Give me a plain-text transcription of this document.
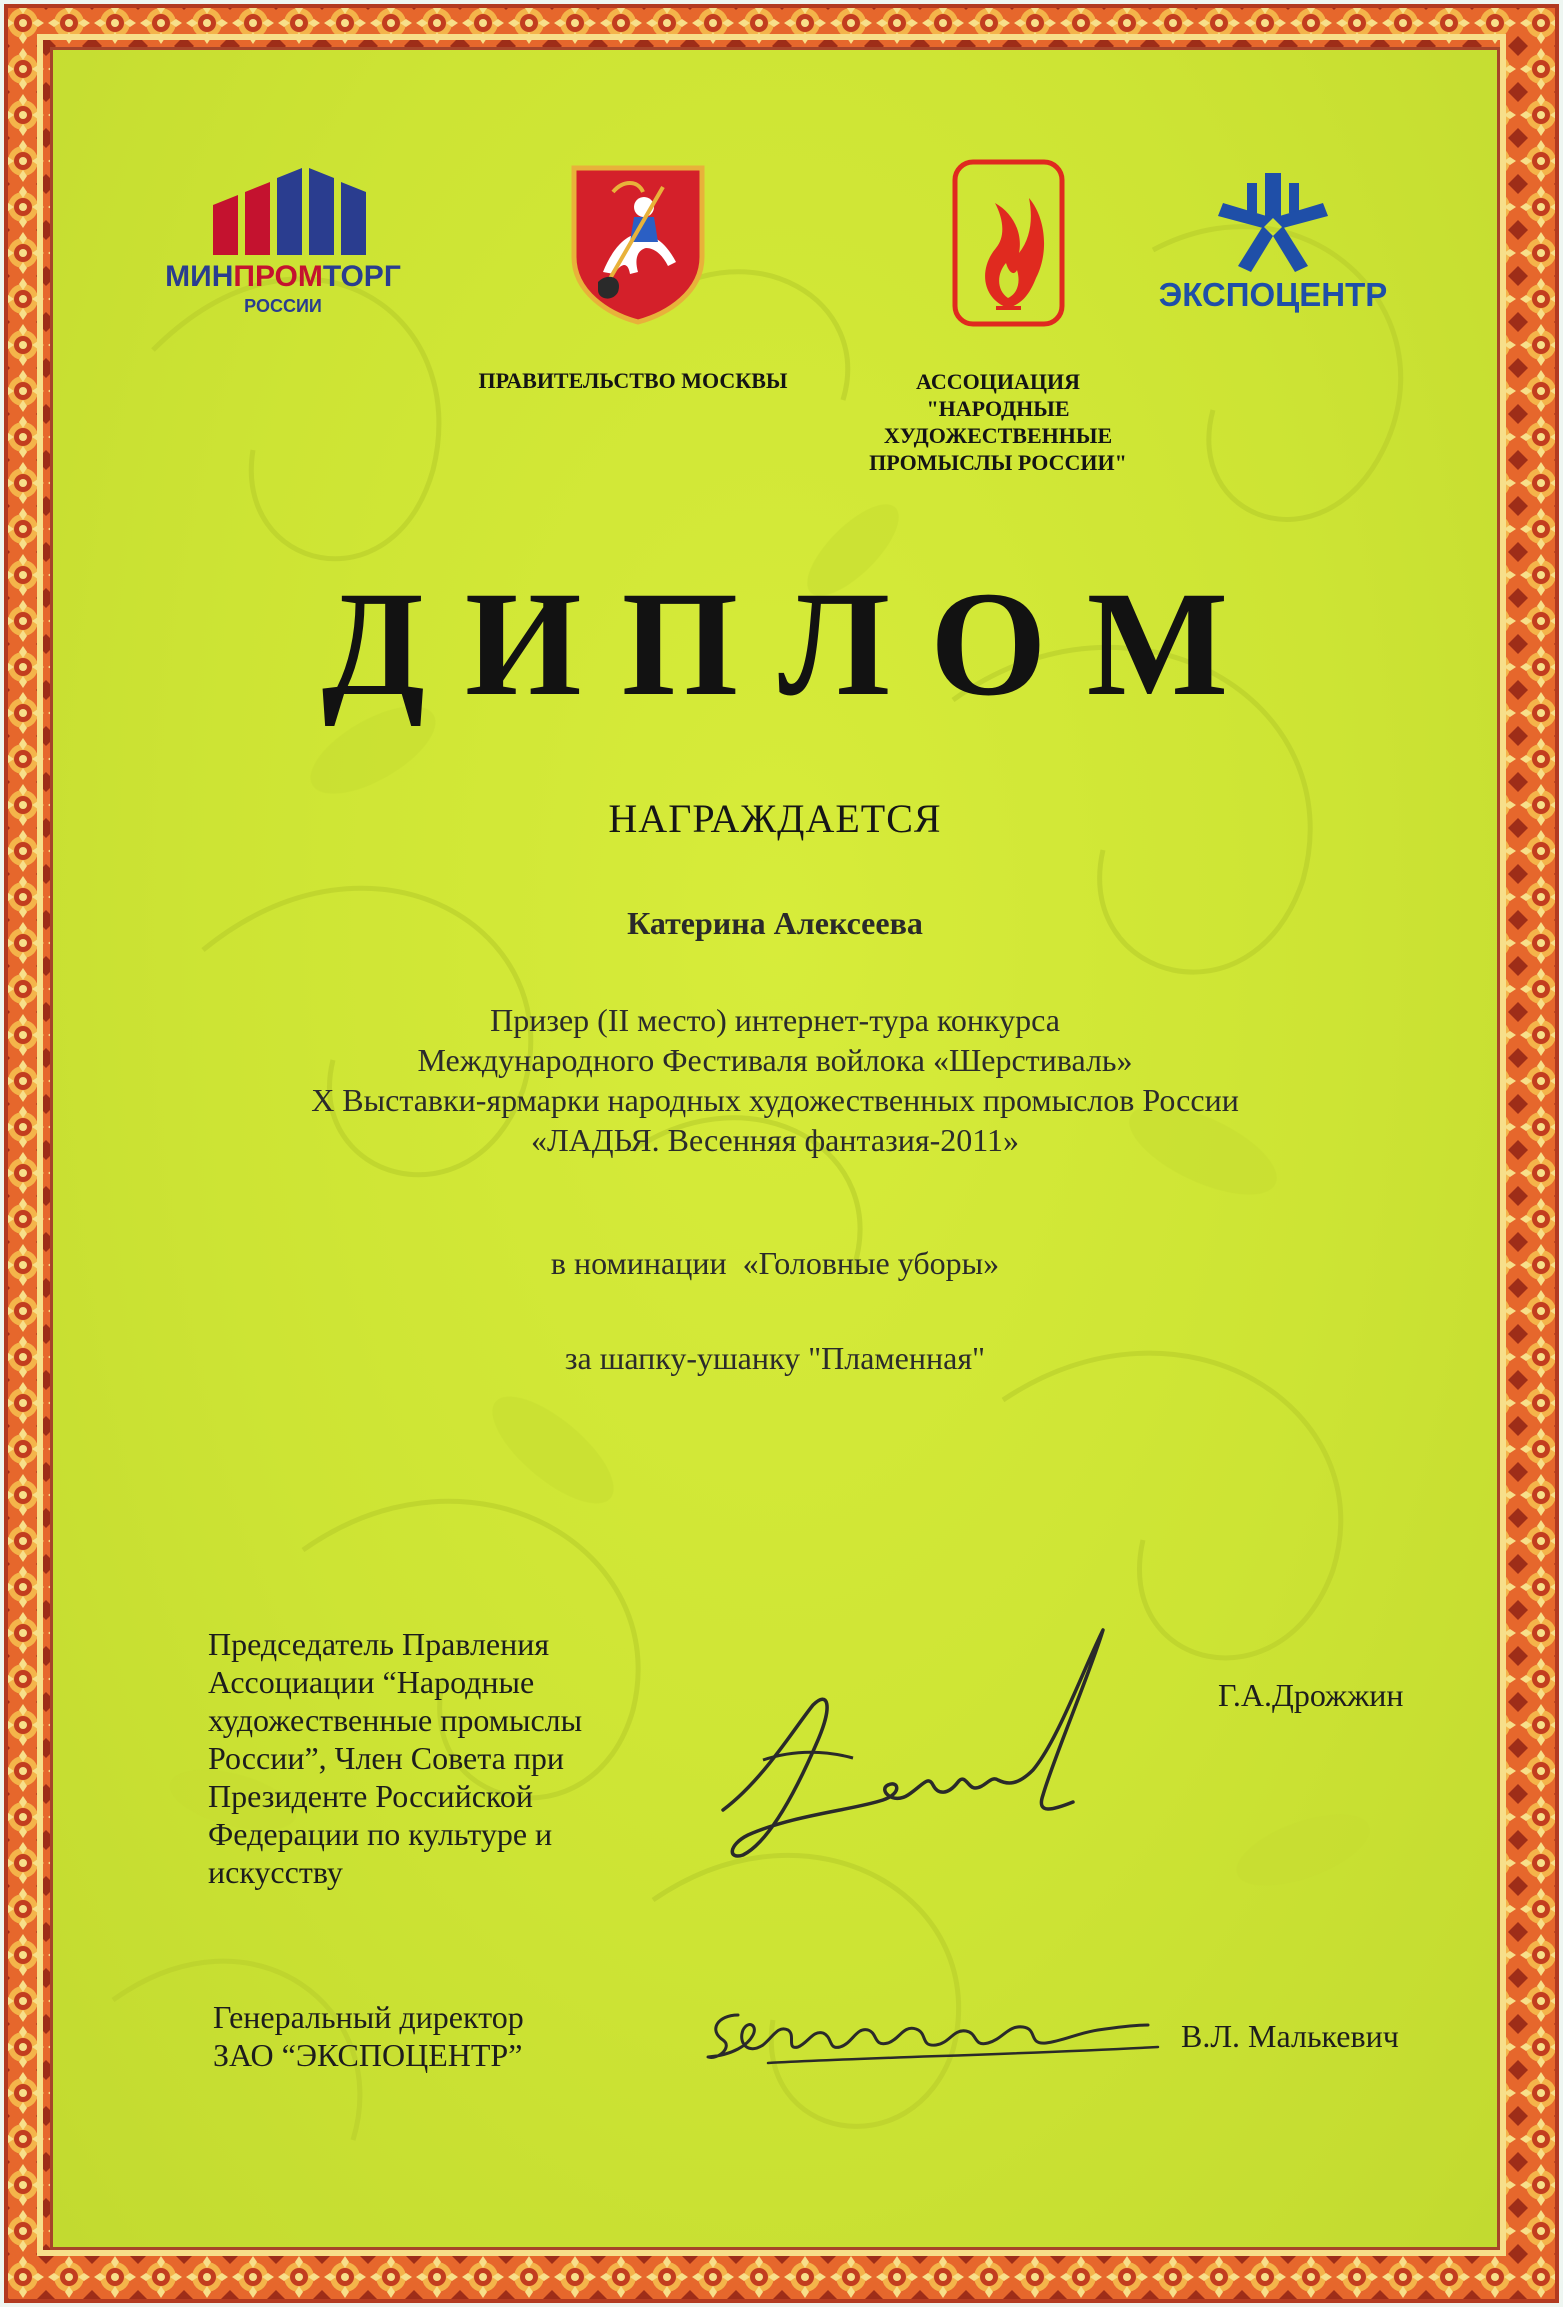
МИНПРОМТОРГ
РОССИИ	ЭКСПОЦЕНТР
ПРАВИТЕЛЬСТВО МОСКВЫ	АССОЦИАЦИЯ
"НАРОДНЫЕ
ХУДОЖЕСТВЕННЫЕ
ПРОМЫСЛЫ РОССИИ"
ДИПЛОМ
НАГРАЖДАЕТСЯ
Катерина Алексеева
Призер (II место) интернет-тура конкурса
Международного Фестиваля войлока «Шерстиваль»
X Выставки-ярмарки народных художественных промыслов России
«ЛАДЬЯ. Весенняя фантазия-2011»
в номинации  «Головные уборы»
за шапку-ушанку "Пламенная"
Председатель Правления
Ассоциации “Народные
художественные промыслы
России”, Член Совета при
Президенте Российской
Федерации по культуре и
искусству
Г.А.Дрожжин
Генеральный директор
ЗАО “ЭКСПОЦЕНТР”
В.Л. Малькевич
